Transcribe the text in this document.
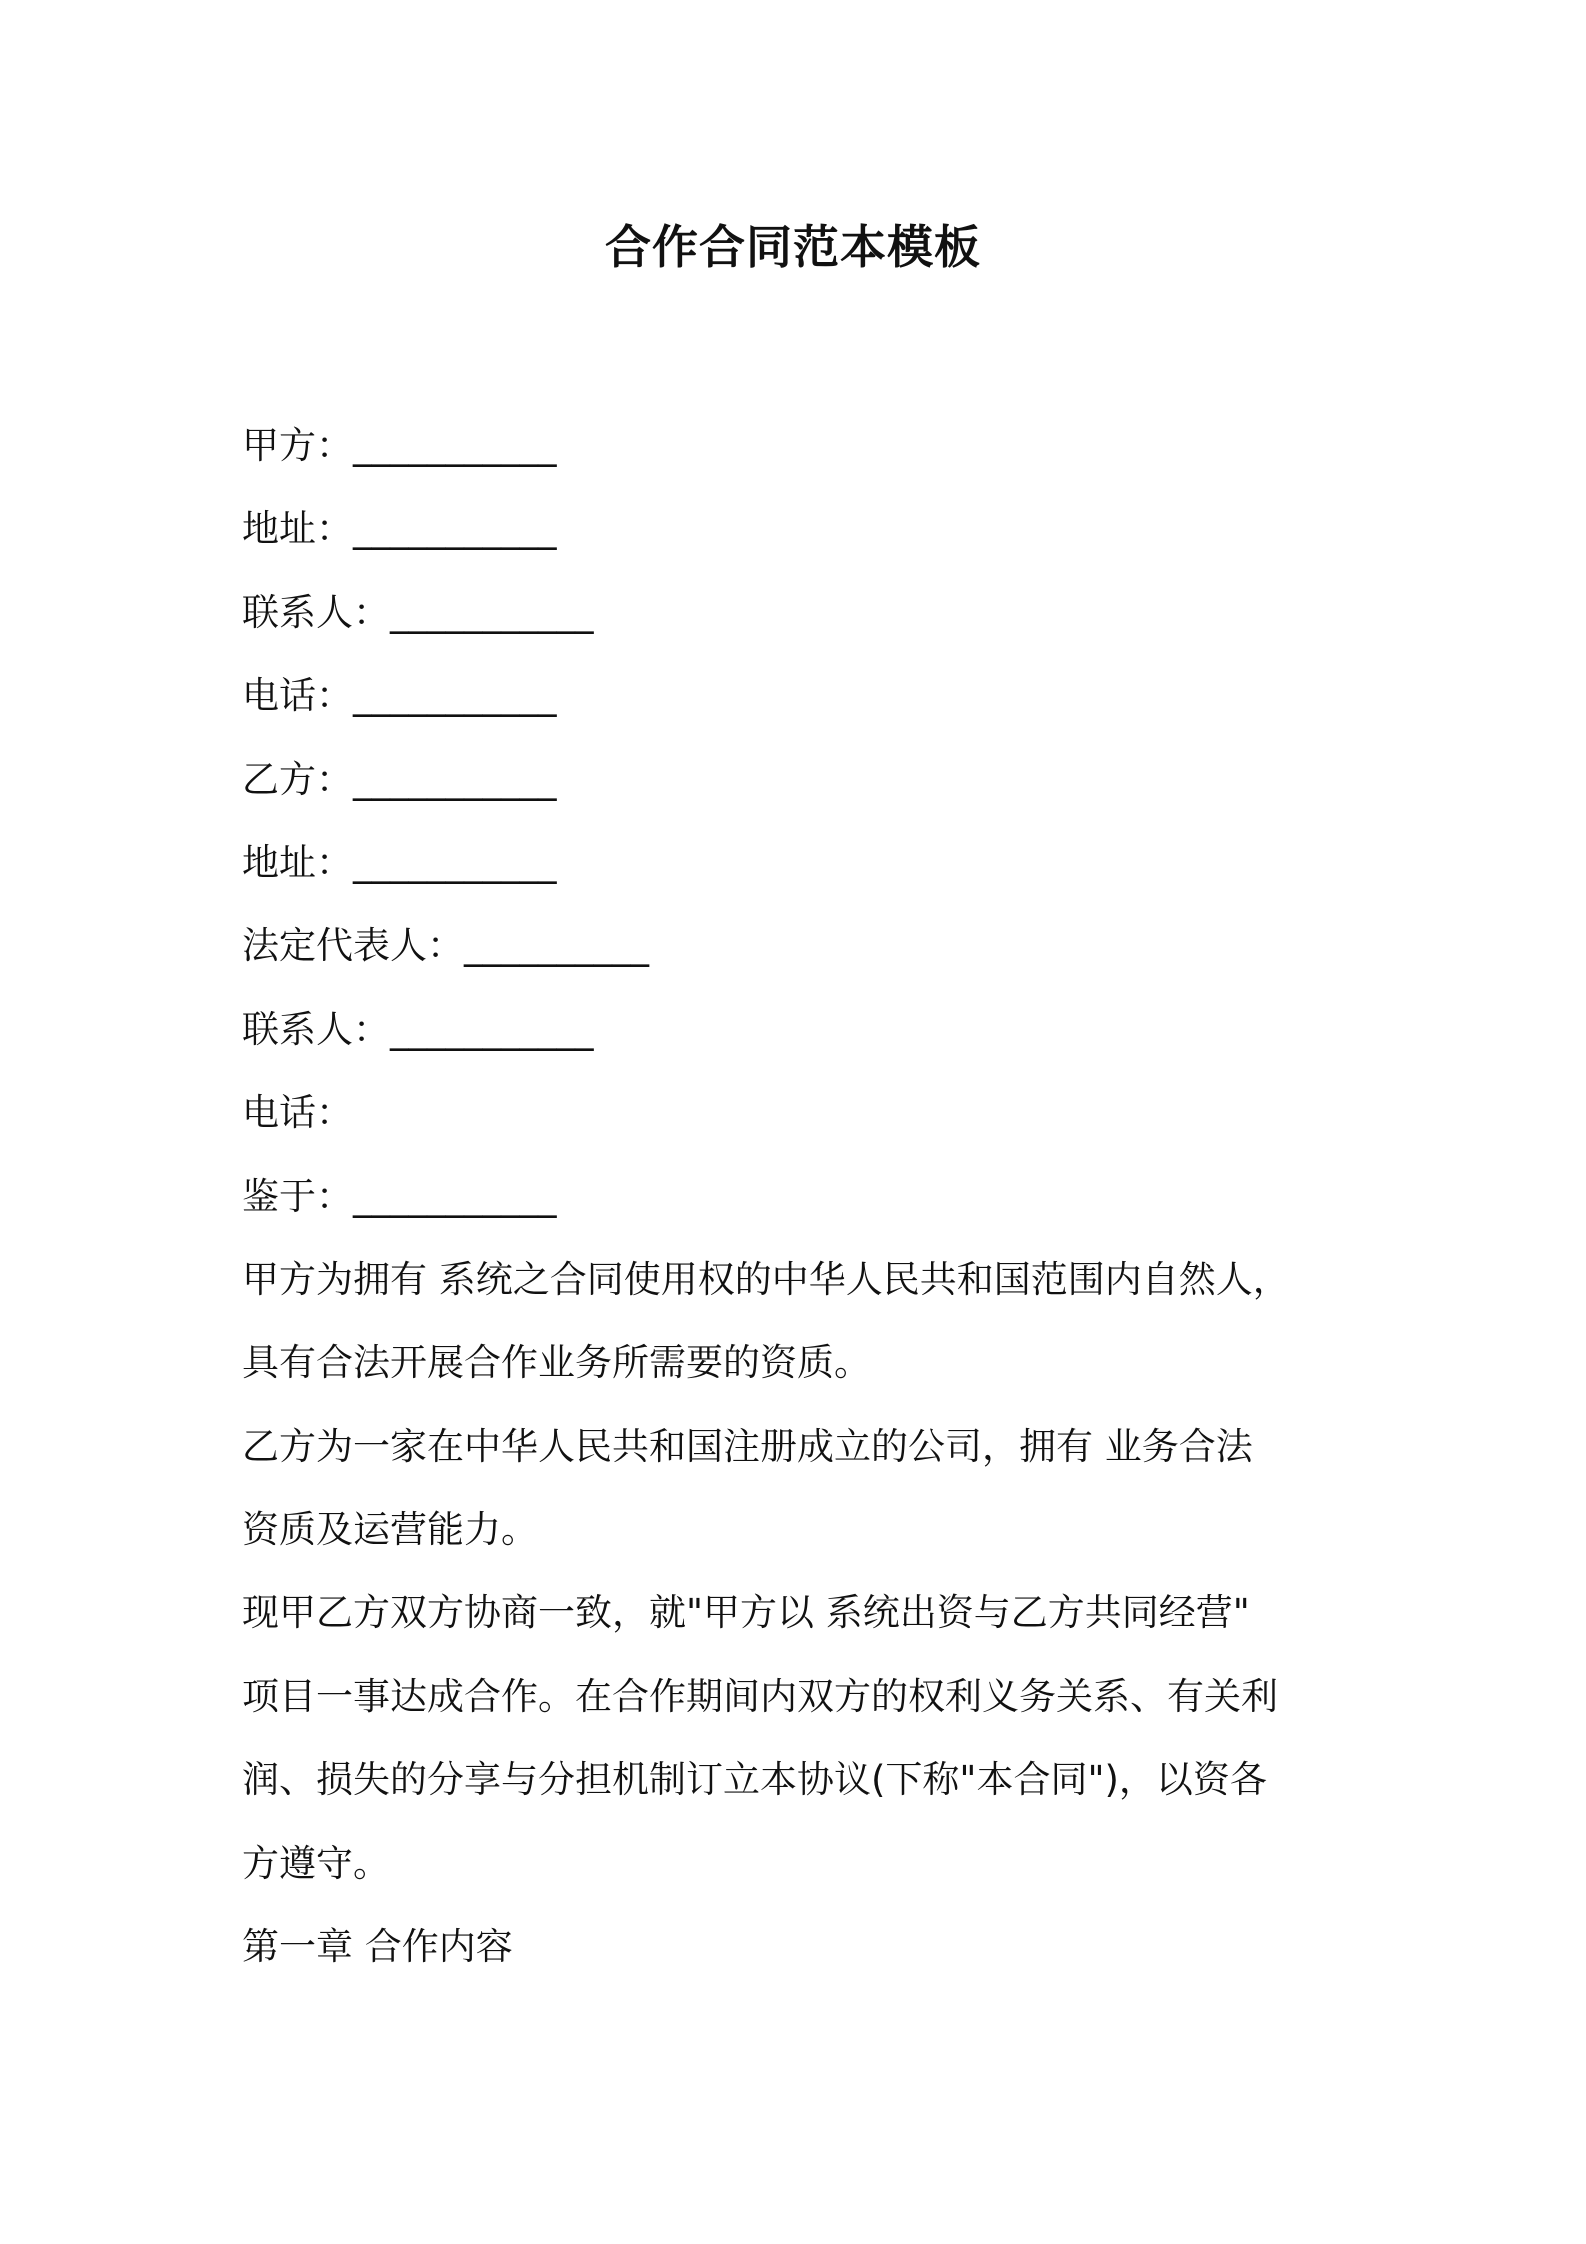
合作合同范本模板
甲方：___________
地址：___________
联系人：___________
电话：___________
乙方：___________
地址：___________
法定代表人：__________
联系人：___________
电话：
鉴于：___________
甲方为拥有 系统之合同使用权的中华人民共和国范围内自然人，
具有合法开展合作业务所需要的资质。
乙方为一家在中华人民共和国注册成立的公司，拥有 业务合法
资质及运营能力。
现甲乙方双方协商一致，就"甲方以 系统出资与乙方共同经营"
项目一事达成合作。在合作期间内双方的权利义务关系、有关利
润、损失的分享与分担机制订立本协议(下称"本合同")，以资各
方遵守。
第一章 合作内容
